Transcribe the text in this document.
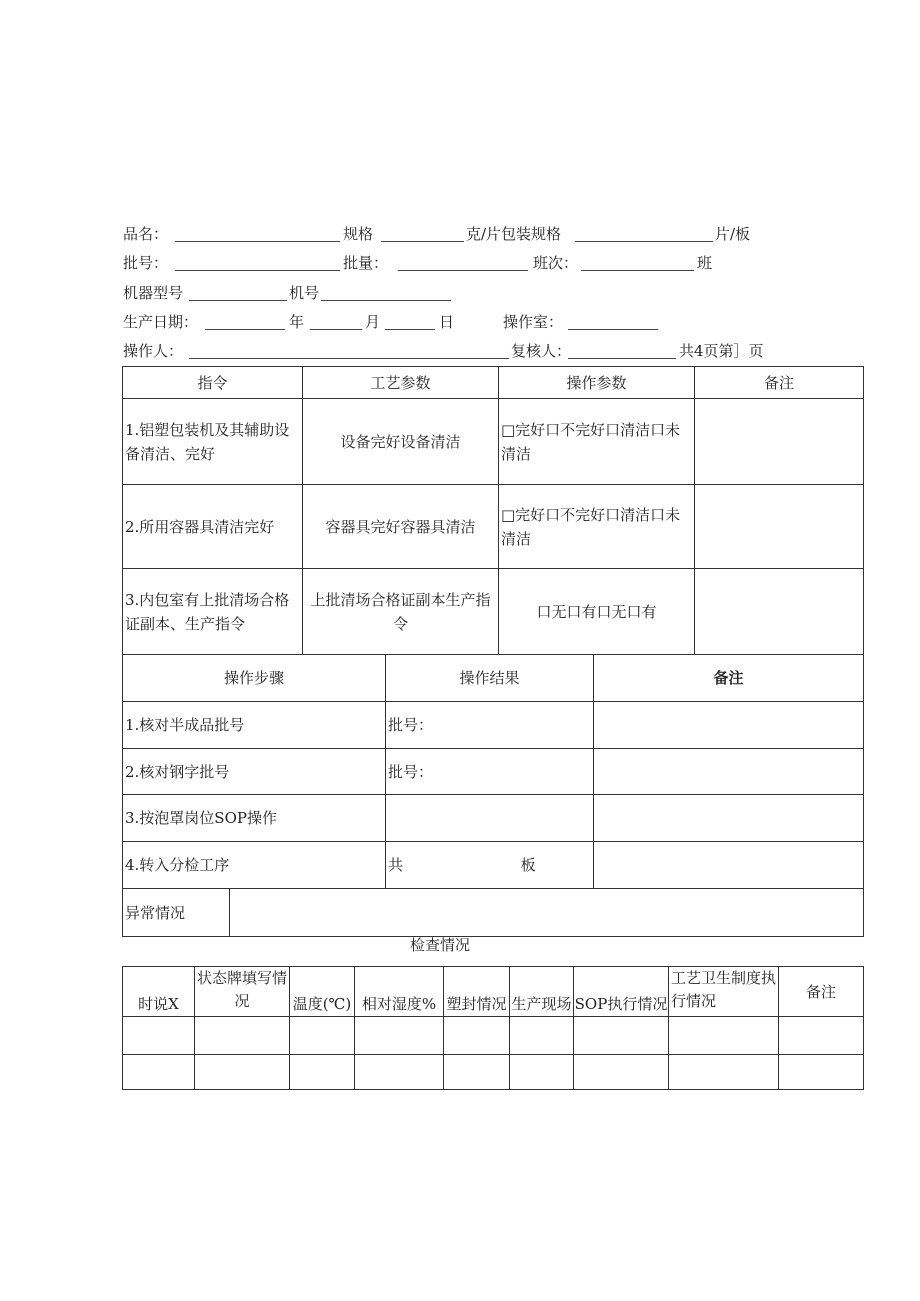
品名：	规格	克/片包装规格	片/板
批号：	批量：	班次：	班
机器型号	机号
生产日期：	年	月	日	操作室：
操作人：	复核人：	共4页第］页
指令	工艺参数	操作参数	备注
1.铝塑包装机及其辅助设备清洁、完好	设备完好设备清洁	□完好口不完好口清洁口未清洁	
2.所用容器具清洁完好	容器具完好容器具清洁	□完好口不完好口清洁口未清洁	
3.内包室有上批清场合格证副本、生产指令	上批清场合格证副本生产指令	口无口有口无口有	
操作步骤		操作结果	备注
1.核对半成品批号		批号：	
2.核对钢字批号		批号：	
3.按泡罩岗位SOP操作			
4.转入分检工序		共 板	
异常情况			
检查情况
时说X	状态牌填写情况	温度(℃)	相对湿度%	塑封情况	生产现场	SOP执行情况	工艺卫生制度执行情况	备注
